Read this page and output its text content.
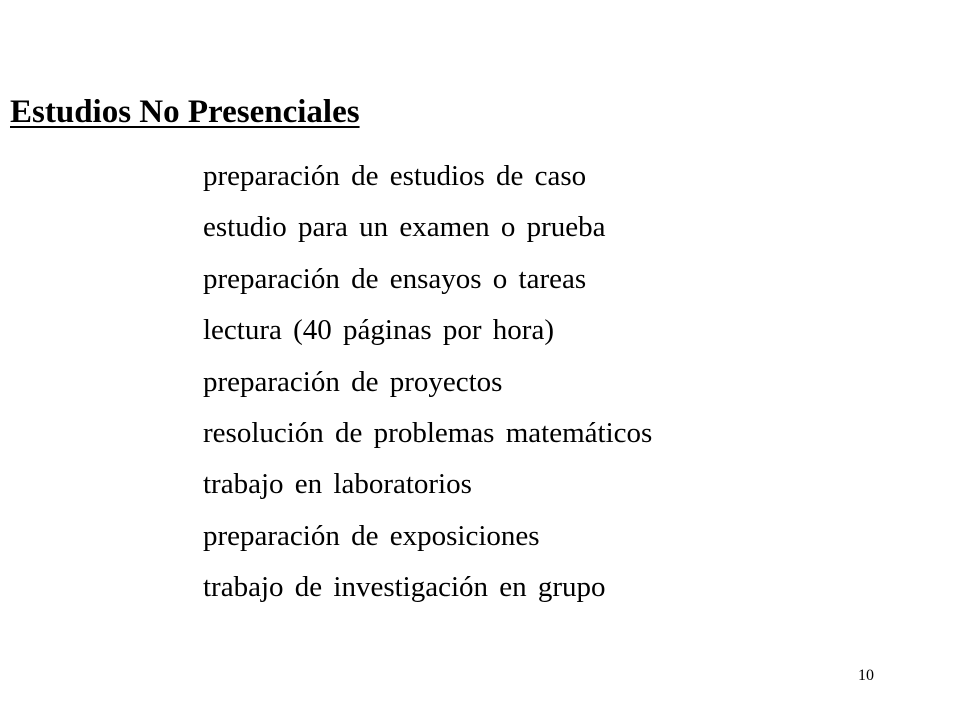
Estudios No Presenciales
preparación de estudios de caso
estudio para un examen o prueba
preparación de ensayos o tareas
lectura (40 páginas por hora)
preparación de proyectos
resolución de problemas matemáticos
trabajo en laboratorios
preparación de exposiciones
trabajo de investigación en grupo
10
